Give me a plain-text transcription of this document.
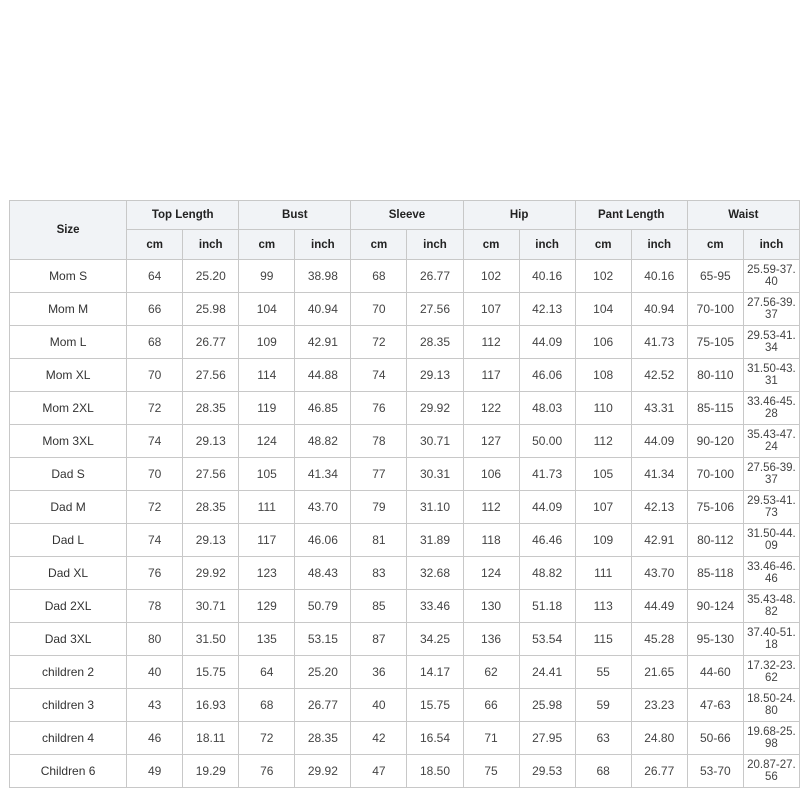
Size	Top Length		Bust		Sleeve		Hip		Pant Length		Waist	
	cm	inch	cm	inch	cm	inch	cm	inch	cm	inch	cm	inch
Mom S	64	25.20	99	38.98	68	26.77	102	40.16	102	40.16	65-95	25.59-37.40
Mom M	66	25.98	104	40.94	70	27.56	107	42.13	104	40.94	70-100	27.56-39.37
Mom L	68	26.77	109	42.91	72	28.35	112	44.09	106	41.73	75-105	29.53-41.34
Mom XL	70	27.56	114	44.88	74	29.13	117	46.06	108	42.52	80-110	31.50-43.31
Mom 2XL	72	28.35	119	46.85	76	29.92	122	48.03	110	43.31	85-115	33.46-45.28
Mom 3XL	74	29.13	124	48.82	78	30.71	127	50.00	112	44.09	90-120	35.43-47.24
Dad S	70	27.56	105	41.34	77	30.31	106	41.73	105	41.34	70-100	27.56-39.37
Dad M	72	28.35	111	43.70	79	31.10	112	44.09	107	42.13	75-106	29.53-41.73
Dad L	74	29.13	117	46.06	81	31.89	118	46.46	109	42.91	80-112	31.50-44.09
Dad XL	76	29.92	123	48.43	83	32.68	124	48.82	111	43.70	85-118	33.46-46.46
Dad 2XL	78	30.71	129	50.79	85	33.46	130	51.18	113	44.49	90-124	35.43-48.82
Dad 3XL	80	31.50	135	53.15	87	34.25	136	53.54	115	45.28	95-130	37.40-51.18
children 2	40	15.75	64	25.20	36	14.17	62	24.41	55	21.65	44-60	17.32-23.62
children 3	43	16.93	68	26.77	40	15.75	66	25.98	59	23.23	47-63	18.50-24.80
children 4	46	18.11	72	28.35	42	16.54	71	27.95	63	24.80	50-66	19.68-25.98
Children 6	49	19.29	76	29.92	47	18.50	75	29.53	68	26.77	53-70	20.87-27.56
